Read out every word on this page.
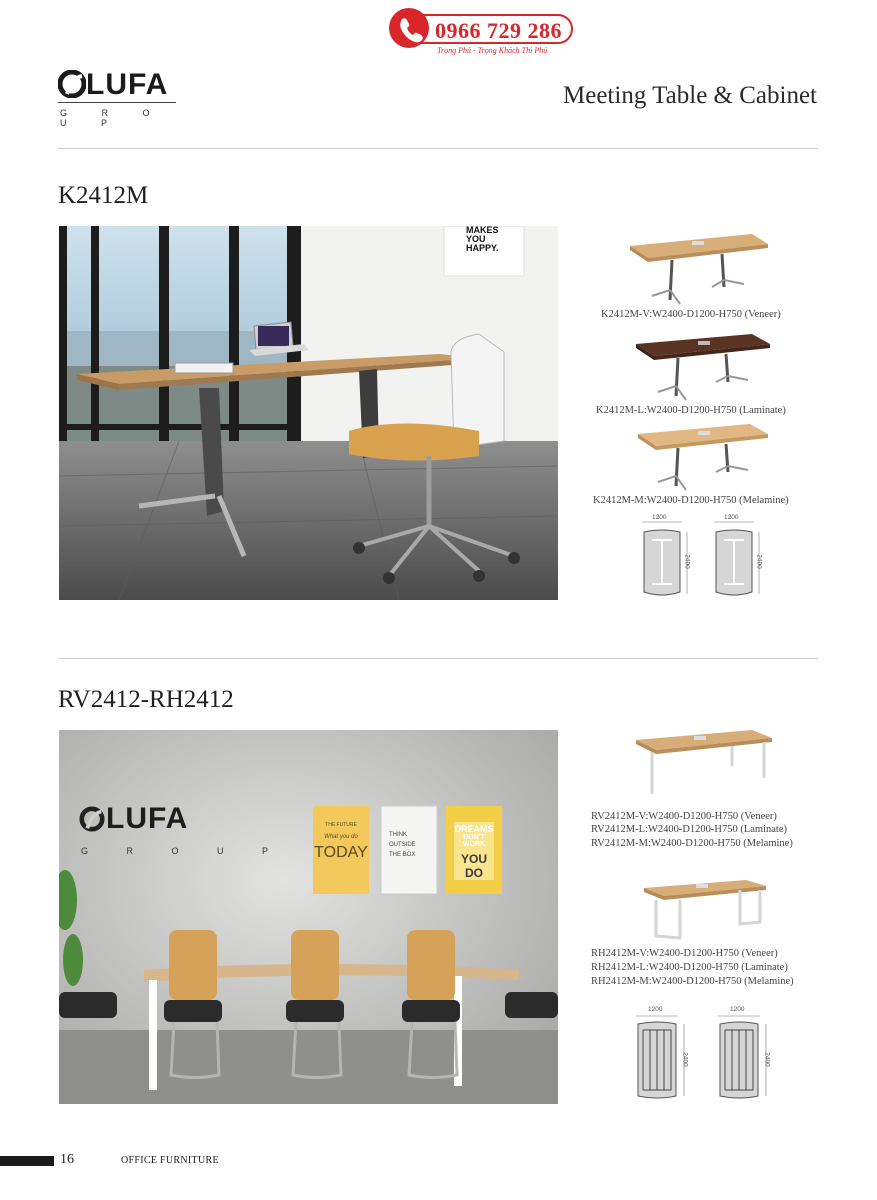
0966 729 286
Trọng Phú - Trọng Khách Thì Phú
LUFA
G R O U P
Meeting Table & Cabinet
K2412M
MAKES YOU HAPPY.
K2412M-V:W2400-D1200-H750 (Veneer)
K2412M-L:W2400-D1200-H750 (Laminate)
K2412M-M:W2400-D1200-H750 (Melamine)
1200	1200
2400	2400
RV2412-RH2412
LUFA
G R O U P
THE FUTURE
What you do
TODAY
THINK
OUTSIDE
THE BOX
DREAMS
DON'T WORK
YOU DO
RV2412M-V:W2400-D1200-H750 (Veneer)
RV2412M-L:W2400-D1200-H750 (Laminate)
RV2412M-M:W2400-D1200-H750 (Melamine)
RH2412M-V:W2400-D1200-H750 (Veneer)
RH2412M-L:W2400-D1200-H750 (Laminate)
RH2412M-M:W2400-D1200-H750 (Melamine)
1200	1200
2400	2400
16	OFFICE FURNITURE
